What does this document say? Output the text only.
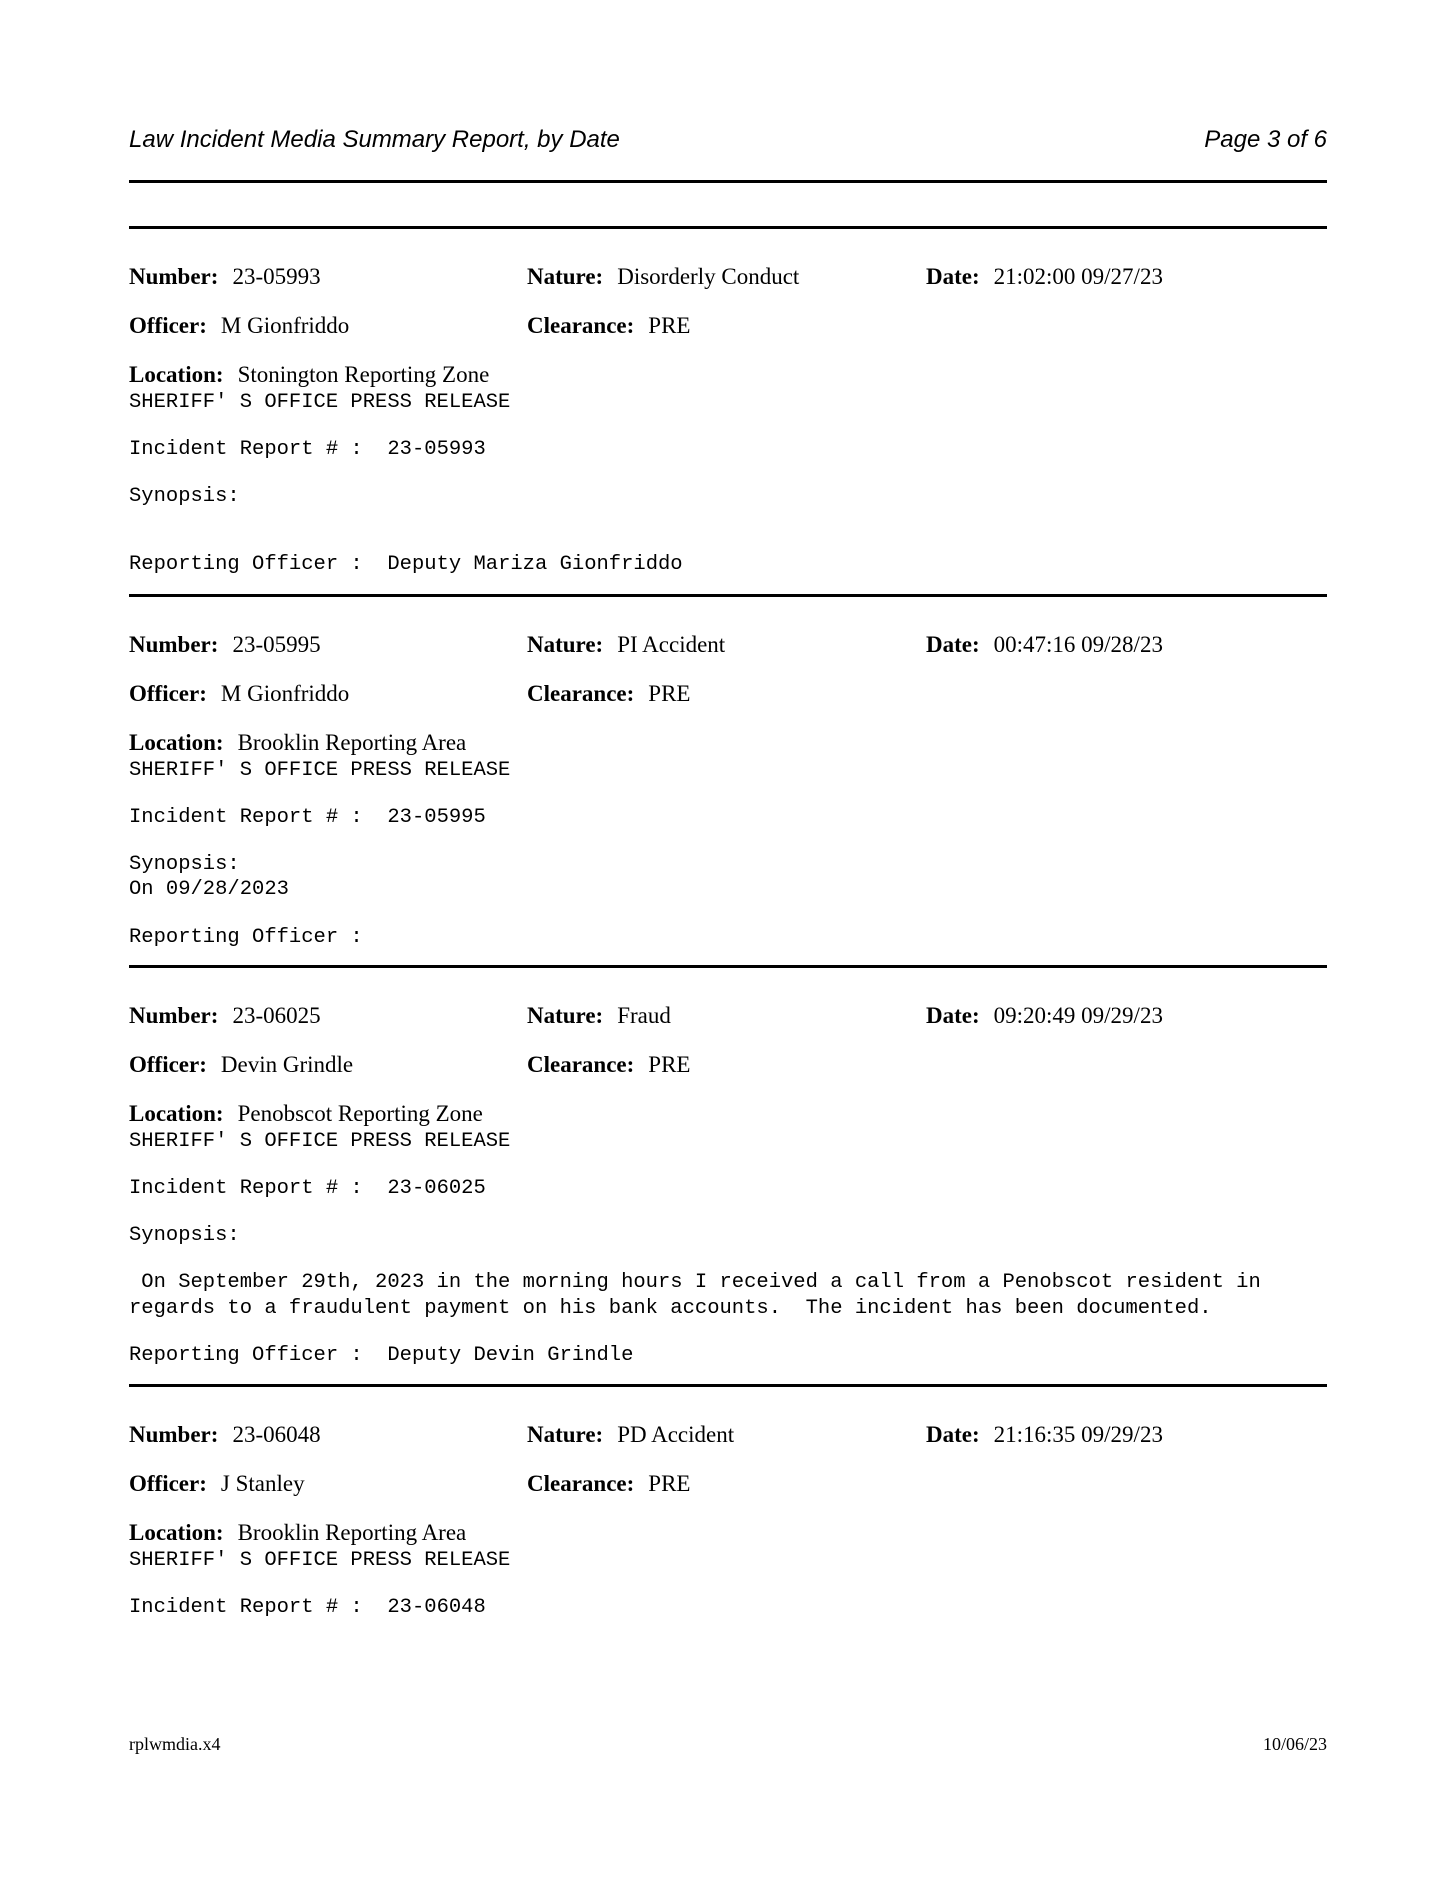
Law Incident Media Summary Report, by Date	Page 3 of 6
Number: 23-05993	Nature: Disorderly Conduct	Date: 21:02:00 09/27/23
Officer: M Gionfriddo	Clearance: PRE
Location: Stonington Reporting Zone
SHERIFF' S OFFICE PRESS RELEASE
Incident Report # : 23-05993
Synopsis:
Reporting Officer : Deputy Mariza Gionfriddo
Number: 23-05995	Nature: PI Accident	Date: 00:47:16 09/28/23
Officer: M Gionfriddo	Clearance: PRE
Location: Brooklin Reporting Area
SHERIFF' S OFFICE PRESS RELEASE
Incident Report # : 23-05995
Synopsis:
On 09/28/2023
Reporting Officer :
Number: 23-06025	Nature: Fraud	Date: 09:20:49 09/29/23
Officer: Devin Grindle	Clearance: PRE
Location: Penobscot Reporting Zone
SHERIFF' S OFFICE PRESS RELEASE
Incident Report # : 23-06025
Synopsis:
On September 29th, 2023 in the morning hours I received a call from a Penobscot resident in
regards to a fraudulent payment on his bank accounts.  The incident has been documented.
Reporting Officer : Deputy Devin Grindle
Number: 23-06048	Nature: PD Accident	Date: 21:16:35 09/29/23
Officer: J Stanley	Clearance: PRE
Location: Brooklin Reporting Area
SHERIFF' S OFFICE PRESS RELEASE
Incident Report # : 23-06048
rplwmdia.x4	10/06/23
